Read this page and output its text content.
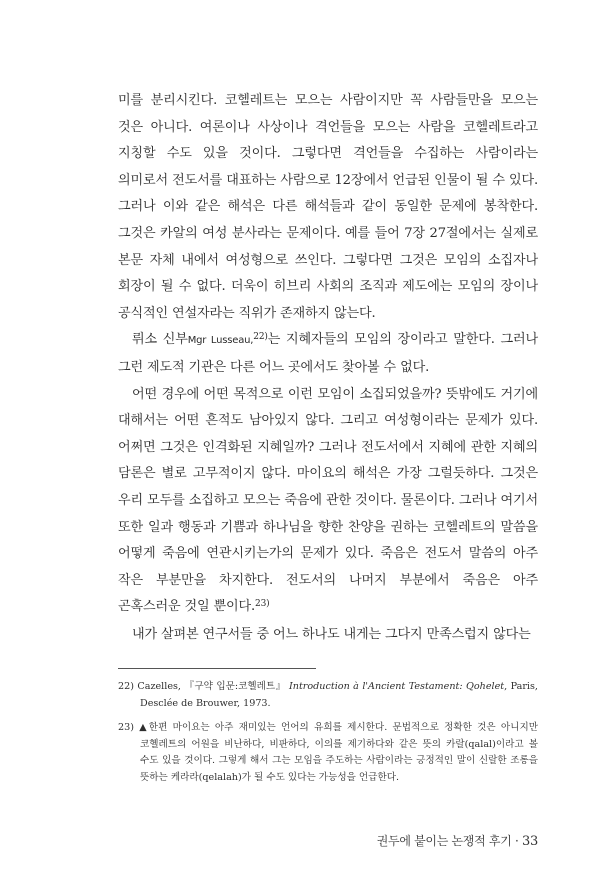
미를 분리시킨다. 코헬레트는 모으는 사람이지만 꼭 사람들만을 모으는 것은 아니다. 여론이나 사상이나 격언들을 모으는 사람을 코헬레트라고 지칭할 수도 있을 것이다. 그렇다면 격언들을 수집하는 사람이라는 의미로서 전도서를 대표하는 사람으로 12장에서 언급된 인물이 될 수 있다. 그러나 이와 같은 해석은 다른 해석들과 같이 동일한 문제에 봉착한다. 그것은 카알의 여성 분사라는 문제이다. 예를 들어 7장 27절에서는 실제로 본문 자체 내에서 여성형으로 쓰인다. 그렇다면 그것은 모임의 소집자나 회장이 될 수 없다. 더욱이 히브리 사회의 조직과 제도에는 모임의 장이나 공식적인 연설자라는 직위가 존재하지 않는다.

뤼소 신부Mgr Lusseau,$^{22)}$는 지혜자들의 모임의 장이라고 말한다. 그러나 그런 제도적 기관은 다른 어느 곳에서도 찾아볼 수 없다.

어떤 경우에 어떤 목적으로 이런 모임이 소집되었을까? 뜻밖에도 거기에 대해서는 어떤 흔적도 남아있지 않다. 그리고 여성형이라는 문제가 있다. 어쩌면 그것은 인격화된 지혜일까? 그러나 전도서에서 지혜에 관한 지혜의 담론은 별로 고무적이지 않다. 마이요의 해석은 가장 그럴듯하다. 그것은 우리 모두를 소집하고 모으는 죽음에 관한 것이다. 물론이다. 그러나 여기서 또한 일과 행동과 기쁨과 하나님을 향한 찬양을 권하는 코헬레트의 말씀을 어떻게 죽음에 연관시키는가의 문제가 있다. 죽음은 전도서 말씀의 아주 작은 부분만을 차지한다. 전도서의 나머지 부분에서 죽음은 아주 곤혹스러운 것일 뿐이다.$^{23)}$

내가 살펴본 연구서들 중 어느 하나도 내게는 그다지 만족스럽지 않다는

22) Cazelles, 『구약 입문:코헬레트』 Introduction à l'Ancient Testament: Qohelet, Paris, Desclée de Brouwer, 1973.

23) ▲한편 마이요는 아주 재미있는 언어의 유희를 제시한다. 문법적으로 정확한 것은 아니지만 코헬레트의 어원을 비난하다, 비판하다, 이의를 제기하다와 같은 뜻의 카랄(qalal)이라고 볼 수도 있을 것이다. 그렇게 해서 그는 모임을 주도하는 사람이라는 긍정적인 말이 신랄한 조롱을 뜻하는 케라라(qelalah)가 될 수도 있다는 가능성을 언급한다.

권두에 붙이는 논쟁적 후기 · 33
